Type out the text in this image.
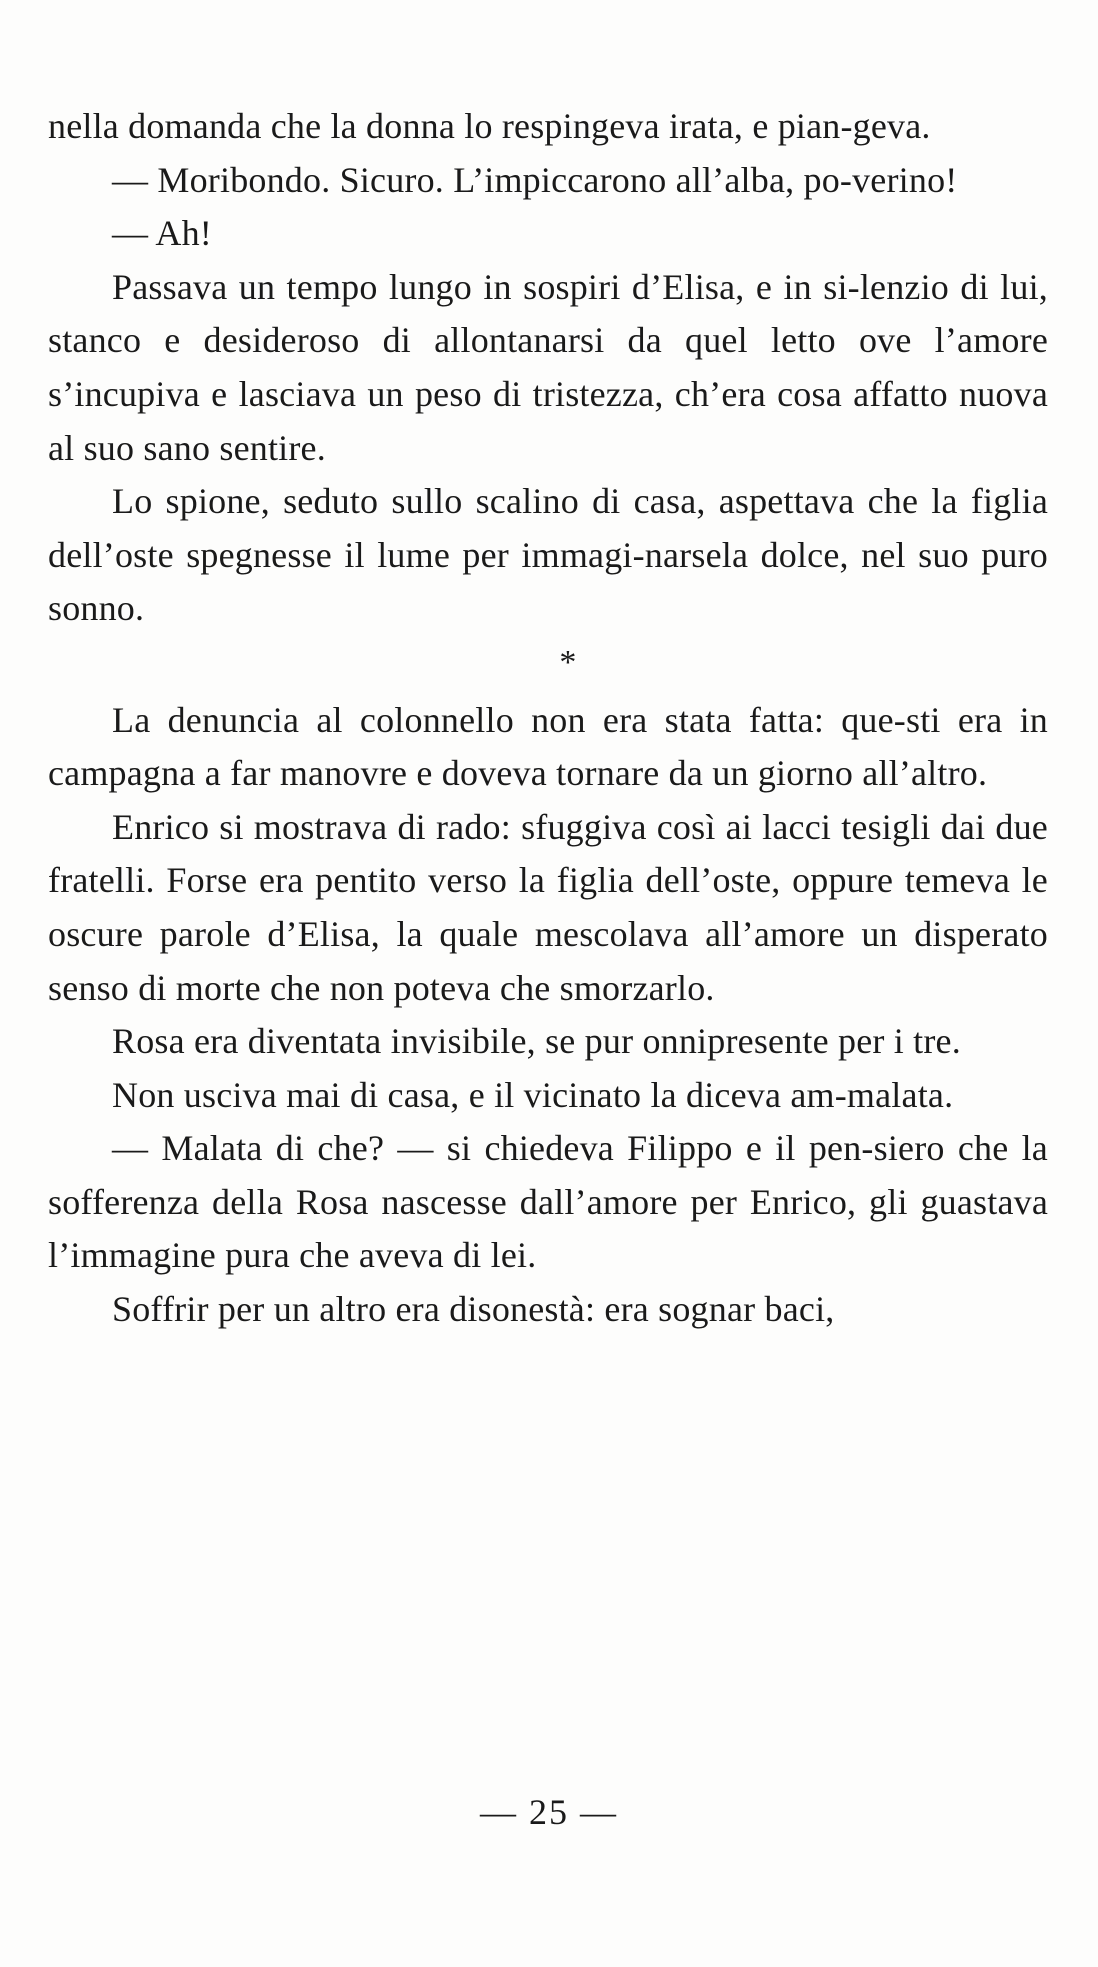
nella domanda che la donna lo respingeva irata, e pian-geva.

— Moribondo. Sicuro. L’impiccarono all’alba, po-verino!

— Ah!

Passava un tempo lungo in sospiri d’Elisa, e in si-lenzio di lui, stanco e desideroso di allontanarsi da quel letto ove l’amore s’incupiva e lasciava un peso di tristezza, ch’era cosa affatto nuova al suo sano sentire.

Lo spione, seduto sullo scalino di casa, aspettava che la figlia dell’oste spegnesse il lume per immagi-narsela dolce, nel suo puro sonno.

*

La denuncia al colonnello non era stata fatta: que-sti era in campagna a far manovre e doveva tornare da un giorno all’altro.

Enrico si mostrava di rado: sfuggiva così ai lacci tesigli dai due fratelli. Forse era pentito verso la figlia dell’oste, oppure temeva le oscure parole d’Elisa, la quale mescolava all’amore un disperato senso di morte che non poteva che smorzarlo.

Rosa era diventata invisibile, se pur onnipresente per i tre.

Non usciva mai di casa, e il vicinato la diceva am-malata.

— Malata di che? — si chiedeva Filippo e il pen-siero che la sofferenza della Rosa nascesse dall’amore per Enrico, gli guastava l’immagine pura che aveva di lei.

Soffrir per un altro era disonestà: era sognar baci,

— 25 —
